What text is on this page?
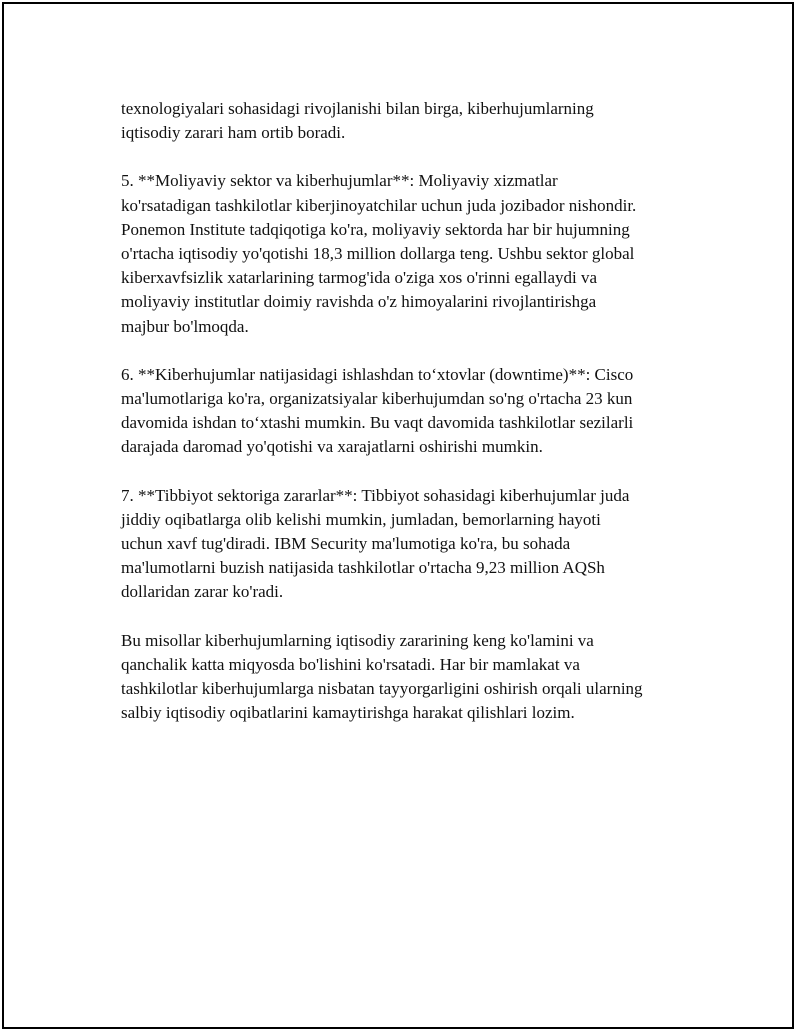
texnologiyalari sohasidagi rivojlanishi bilan birga, kiberhujumlarning
iqtisodiy zarari ham ortib boradi.

5. **Moliyaviy sektor va kiberhujumlar**: Moliyaviy xizmatlar
ko'rsatadigan tashkilotlar kiberjinoyatchilar uchun juda jozibador nishondir.
Ponemon Institute tadqiqotiga ko'ra, moliyaviy sektorda har bir hujumning
o'rtacha iqtisodiy yo'qotishi 18,3 million dollarga teng. Ushbu sektor global
kiberxavfsizlik xatarlarining tarmog'ida o'ziga xos o'rinni egallaydi va
moliyaviy institutlar doimiy ravishda o'z himoyalarini rivojlantirishga
majbur bo'lmoqda.

6. **Kiberhujumlar natijasidagi ishlashdan to‘xtovlar (downtime)**: Cisco
ma'lumotlariga ko'ra, organizatsiyalar kiberhujumdan so'ng o'rtacha 23 kun
davomida ishdan to‘xtashi mumkin. Bu vaqt davomida tashkilotlar sezilarli
darajada daromad yo'qotishi va xarajatlarni oshirishi mumkin.

7. **Tibbiyot sektoriga zararlar**: Tibbiyot sohasidagi kiberhujumlar juda
jiddiy oqibatlarga olib kelishi mumkin, jumladan, bemorlarning hayoti
uchun xavf tug'diradi. IBM Security ma'lumotiga ko'ra, bu sohada
ma'lumotlarni buzish natijasida tashkilotlar o'rtacha 9,23 million AQSh
dollaridan zarar ko'radi.

Bu misollar kiberhujumlarning iqtisodiy zararining keng ko'lamini va
qanchalik katta miqyosda bo'lishini ko'rsatadi. Har bir mamlakat va
tashkilotlar kiberhujumlarga nisbatan tayyorgarligini oshirish orqali ularning
salbiy iqtisodiy oqibatlarini kamaytirishga harakat qilishlari lozim.
